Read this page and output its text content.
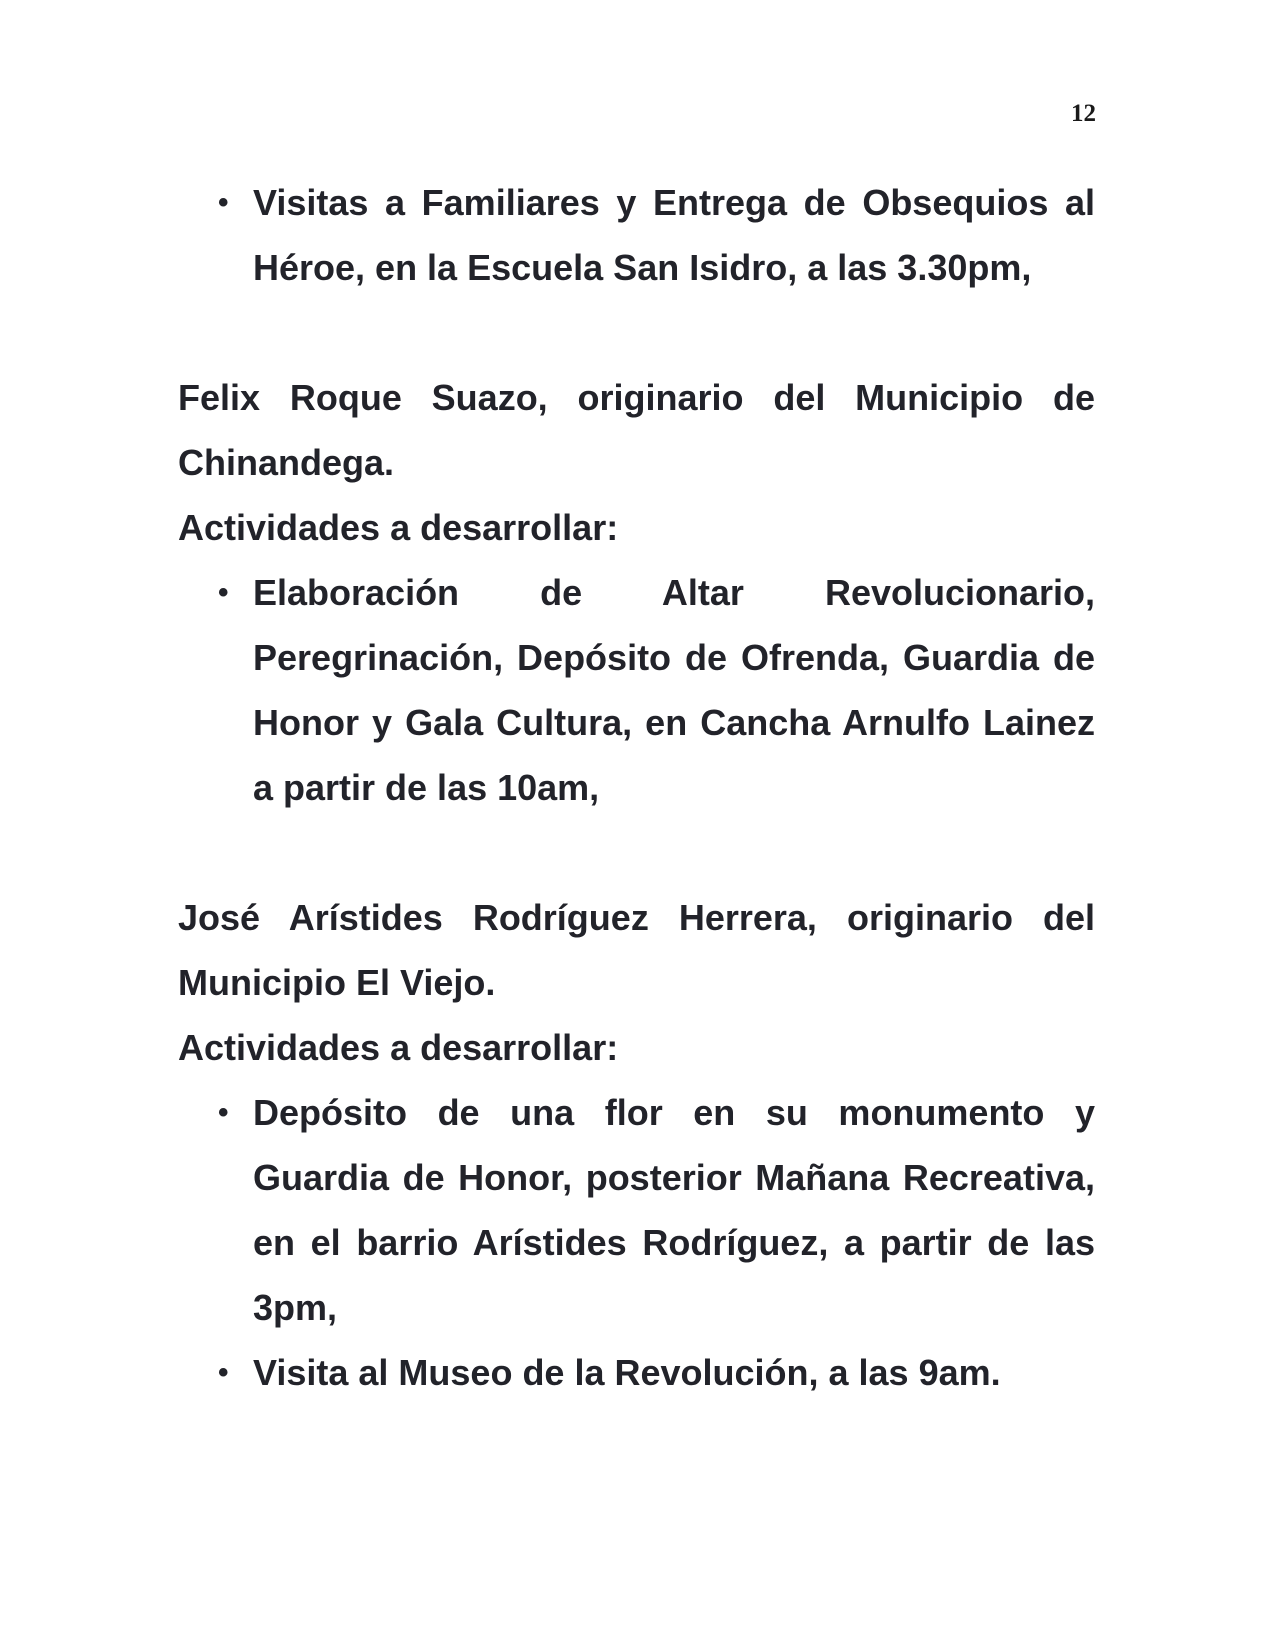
12
• Visitas a Familiares y Entrega de Obsequios al Héroe, en la Escuela San Isidro, a las 3.30pm,

Felix Roque Suazo, originario del Municipio de Chinandega.

Actividades a desarrollar:

• Elaboración de Altar Revolucionario, Peregrinación, Depósito de Ofrenda, Guardia de Honor y Gala Cultura, en Cancha Arnulfo Lainez a partir de las 10am,

José Arístides Rodríguez Herrera, originario del Municipio El Viejo.

Actividades a desarrollar:

• Depósito de una flor en su monumento y Guardia de Honor, posterior Mañana Recreativa, en el barrio Arístides Rodríguez, a partir de las 3pm,
• Visita al Museo de la Revolución, a las 9am.
